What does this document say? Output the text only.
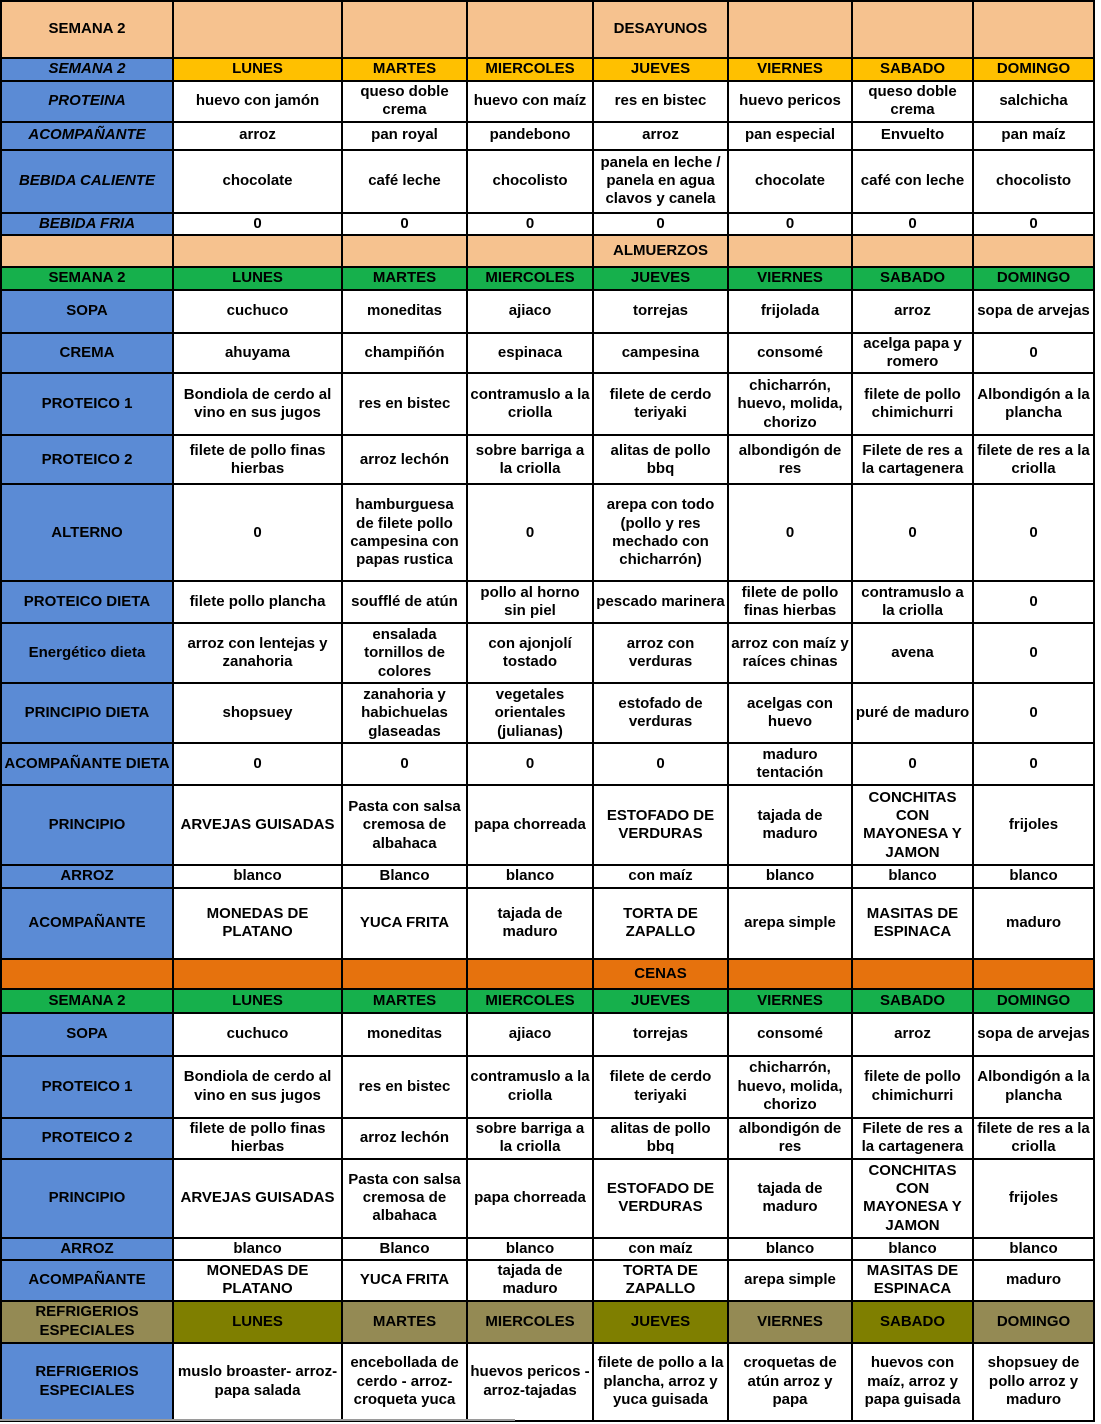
SEMANA 2				DESAYUNOS			
SEMANA 2	LUNES	MARTES	MIERCOLES	JUEVES	VIERNES	SABADO	DOMINGO
PROTEINA	huevo con jamón	queso doble crema	huevo con maíz	res en bistec	huevo pericos	queso doble crema	salchicha
ACOMPAÑANTE	arroz	pan royal	pandebono	arroz	pan especial	Envuelto	pan maíz
BEBIDA CALIENTE	chocolate	café leche	chocolisto	panela en leche / panela en agua clavos y canela	chocolate	café con leche	chocolisto
BEBIDA FRIA	0	0	0	0	0	0	0
				ALMUERZOS			
SEMANA 2	LUNES	MARTES	MIERCOLES	JUEVES	VIERNES	SABADO	DOMINGO
SOPA	cuchuco	moneditas	ajiaco	torrejas	frijolada	arroz	sopa de arvejas
CREMA	ahuyama	champiñón	espinaca	campesina	consomé	acelga papa y romero	0
PROTEICO 1	Bondiola de cerdo al vino en sus jugos	res en bistec	contramuslo a la criolla	filete de cerdo teriyaki	chicharrón, huevo, molida, chorizo	filete de pollo chimichurri	Albondigón a la plancha
PROTEICO 2	filete de pollo finas hierbas	arroz lechón	sobre barriga a la criolla	alitas de pollo bbq	albondigón de res	Filete de res a la cartagenera	filete de res a la criolla
ALTERNO	0	hamburguesa de filete pollo campesina con papas rustica	0	arepa con todo (pollo y res mechado con chicharrón)	0	0	0
PROTEICO DIETA	filete pollo plancha	soufflé de atún	pollo al horno sin piel	pescado marinera	filete de pollo finas hierbas	contramuslo a la criolla	0
Energético dieta	arroz con lentejas y zanahoria	ensalada tornillos de colores	con ajonjolí tostado	arroz con verduras	arroz con maíz y raíces chinas	avena	0
PRINCIPIO DIETA	shopsuey	zanahoria y habichuelas glaseadas	vegetales orientales (julianas)	estofado de verduras	acelgas con huevo	puré de maduro	0
ACOMPAÑANTE DIETA	0	0	0	0	maduro tentación	0	0
PRINCIPIO	ARVEJAS GUISADAS	Pasta con salsa cremosa de albahaca	papa chorreada	ESTOFADO DE VERDURAS	tajada de maduro	CONCHITAS CON MAYONESA Y JAMON	frijoles
ARROZ	blanco	Blanco	blanco	con maíz	blanco	blanco	blanco
ACOMPAÑANTE	MONEDAS DE PLATANO	YUCA FRITA	tajada de maduro	TORTA DE ZAPALLO	arepa simple	MASITAS DE ESPINACA	maduro
				CENAS			
SEMANA 2	LUNES	MARTES	MIERCOLES	JUEVES	VIERNES	SABADO	DOMINGO
SOPA	cuchuco	moneditas	ajiaco	torrejas	consomé	arroz	sopa de arvejas
PROTEICO 1	Bondiola de cerdo al vino en sus jugos	res en bistec	contramuslo a la criolla	filete de cerdo teriyaki	chicharrón, huevo, molida, chorizo	filete de pollo chimichurri	Albondigón a la plancha
PROTEICO 2	filete de pollo finas hierbas	arroz lechón	sobre barriga a la criolla	alitas de pollo bbq	albondigón de res	Filete de res a la cartagenera	filete de res a la criolla
PRINCIPIO	ARVEJAS GUISADAS	Pasta con salsa cremosa de albahaca	papa chorreada	ESTOFADO DE VERDURAS	tajada de maduro	CONCHITAS CON MAYONESA Y JAMON	frijoles
ARROZ	blanco	Blanco	blanco	con maíz	blanco	blanco	blanco
ACOMPAÑANTE	MONEDAS DE PLATANO	YUCA FRITA	tajada de maduro	TORTA DE ZAPALLO	arepa simple	MASITAS DE ESPINACA	maduro
REFRIGERIOS ESPECIALES	LUNES	MARTES	MIERCOLES	JUEVES	VIERNES	SABADO	DOMINGO
REFRIGERIOS ESPECIALES	muslo broaster- arroz-papa salada	encebollada de cerdo - arroz- croqueta yuca	huevos pericos - arroz-tajadas	filete de pollo a la plancha, arroz y yuca guisada	croquetas de atún arroz y papa	huevos con maíz, arroz y papa guisada	shopsuey de pollo arroz y maduro
